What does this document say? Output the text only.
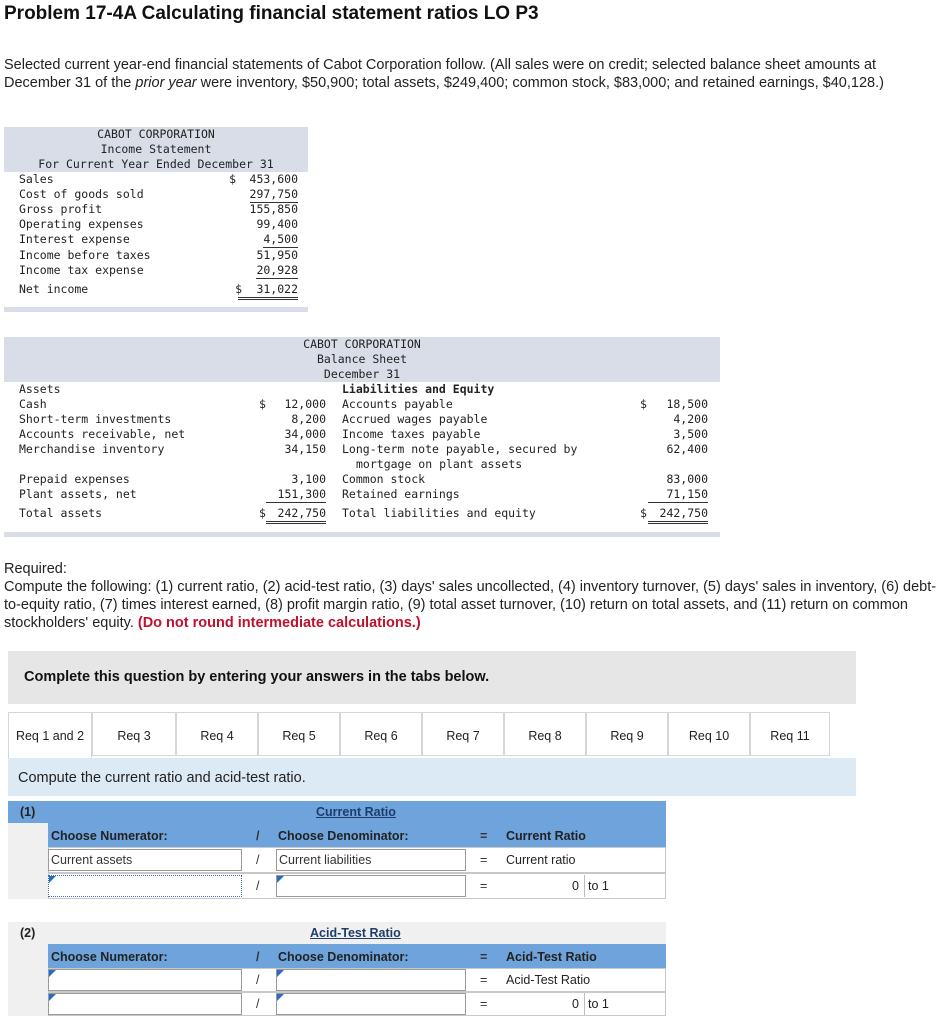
Problem 17-4A Calculating financial statement ratios LO P3
Selected current year-end financial statements of Cabot Corporation follow. (All sales were on credit; selected balance sheet amounts at December 31 of the prior year were inventory, $50,900; total assets, $249,400; common stock, $83,000; and retained earnings, $40,128.)
CABOT CORPORATION
Income Statement
For Current Year Ended December 31
Sales	$ 453,600
Cost of goods sold	297,750
Gross profit	155,850
Operating expenses	99,400
Interest expense	4,500
Income before taxes	51,950
Income tax expense	20,928
Net income	$	31,022
CABOT CORPORATION
Balance Sheet
December 31
Assets	Liabilities and Equity
Cash	$ 12,000
Short-term investments	8,200
Accounts receivable, net	34,000
Merchandise inventory	34,150
Prepaid expenses	3,100
Plant assets, net	151,300
Total assets	$	242,750
Accounts payable	$ 18,500
Accrued wages payable	4,200
Income taxes payable	3,500
Long-term note payable, secured by	62,400
mortgage on plant assets
Common stock	83,000
Retained earnings	71,150
Total liabilities and equity	$	242,750
Required:
Compute the following: (1) current ratio, (2) acid-test ratio, (3) days' sales uncollected, (4) inventory turnover, (5) days' sales in inventory, (6) debt-to-equity ratio, (7) times interest earned, (8) profit margin ratio, (9) total asset turnover, (10) return on total assets, and (11) return on common stockholders' equity. (Do not round intermediate calculations.)
Complete this question by entering your answers in the tabs below.
Req 1 and 2	Req 3	Req 4	Req 5	Req 6	Req 7	Req 8	Req 9	Req 10	Req 11
Compute the current ratio and acid-test ratio.
(1)	Current Ratio
Choose Numerator:	/ Choose Denominator:	= Current Ratio
Current assets	/ Current liabilities	= Current ratio
/	=	0 to 1
(2)	Acid-Test Ratio
Choose Numerator:	/ Choose Denominator:	= Acid-Test Ratio
/	= Acid-Test Ratio
/	=	0 to 1
